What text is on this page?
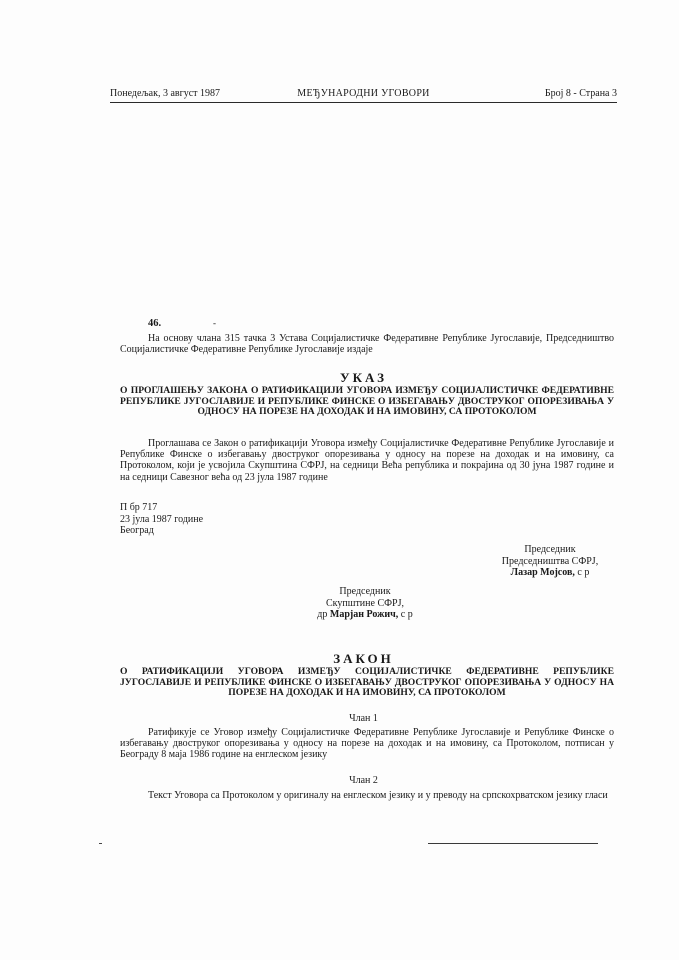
Понедељак, 3 август 1987	МЕЂУНАРОДНИ УГОВОРИ	Број 8 - Страна 3
46.	-
На основу члана 315 тачка 3 Устава Социјалистичке Федеративне Републике Југославије, Председништво Социјалистичке Федеративне Републике Југославије издаје
УКАЗ
О ПРОГЛАШЕЊУ ЗАКОНА О РАТИФИКАЦИЈИ УГОВОРА ИЗМЕЂУ СОЦИЈАЛИСТИЧКЕ ФЕДЕРАТИВНЕ РЕПУБЛИКЕ ЈУГОСЛАВИЈЕ И РЕПУБЛИКЕ ФИНСКЕ О ИЗБЕГАВАЊУ ДВОСТРУКОГ ОПОРЕЗИВАЊА У ОДНОСУ НА ПОРЕЗЕ НА ДОХОДАК И НА ИМОВИНУ, СА ПРОТОКОЛОМ
Проглашава се Закон о ратификацији Уговора између Социјалистичке Федеративне Републике Југославије и Републике Финске о избегавању двоструког опорезивања у односу на порезе на доходак и на имовину, са Протоколом, који је усвојила Скупштина СФРЈ, на седници Већа република и покрајина од 30 јуна 1987 године и на седници Савезног већа од 23 јула 1987 године
П бр 717
23 јула 1987 године
Београд
Председник
Председништва СФРЈ,
Лазар Мојсов, с р
Председник
Скупштине СФРЈ,
др Марјан Рожич, с р
ЗАКОН
О РАТИФИКАЦИЈИ УГОВОРА ИЗМЕЂУ СОЦИЈАЛИСТИЧКЕ ФЕДЕРАТИВНЕ РЕПУБЛИКЕ ЈУГОСЛАВИЈЕ И РЕПУБЛИКЕ ФИНСКЕ О ИЗБЕГАВАЊУ ДВОСТРУКОГ ОПОРЕЗИВАЊА У ОДНОСУ НА ПОРЕЗЕ НА ДОХОДАК И НА ИМОВИНУ, СА ПРОТОКОЛОМ
Члан 1
Ратификује се Уговор између Социјалистичке Федеративне Републике Југославије и Републике Финске о избегавању двоструког опорезивања у односу на порезе на доходак и на имовину, са Протоколом, потписан у Београду 8 маја 1986 године на енглеском језику
Члан 2
Текст Уговора са Протоколом у оригиналу на енглеском језику и у преводу на српскохрватском језику гласи
